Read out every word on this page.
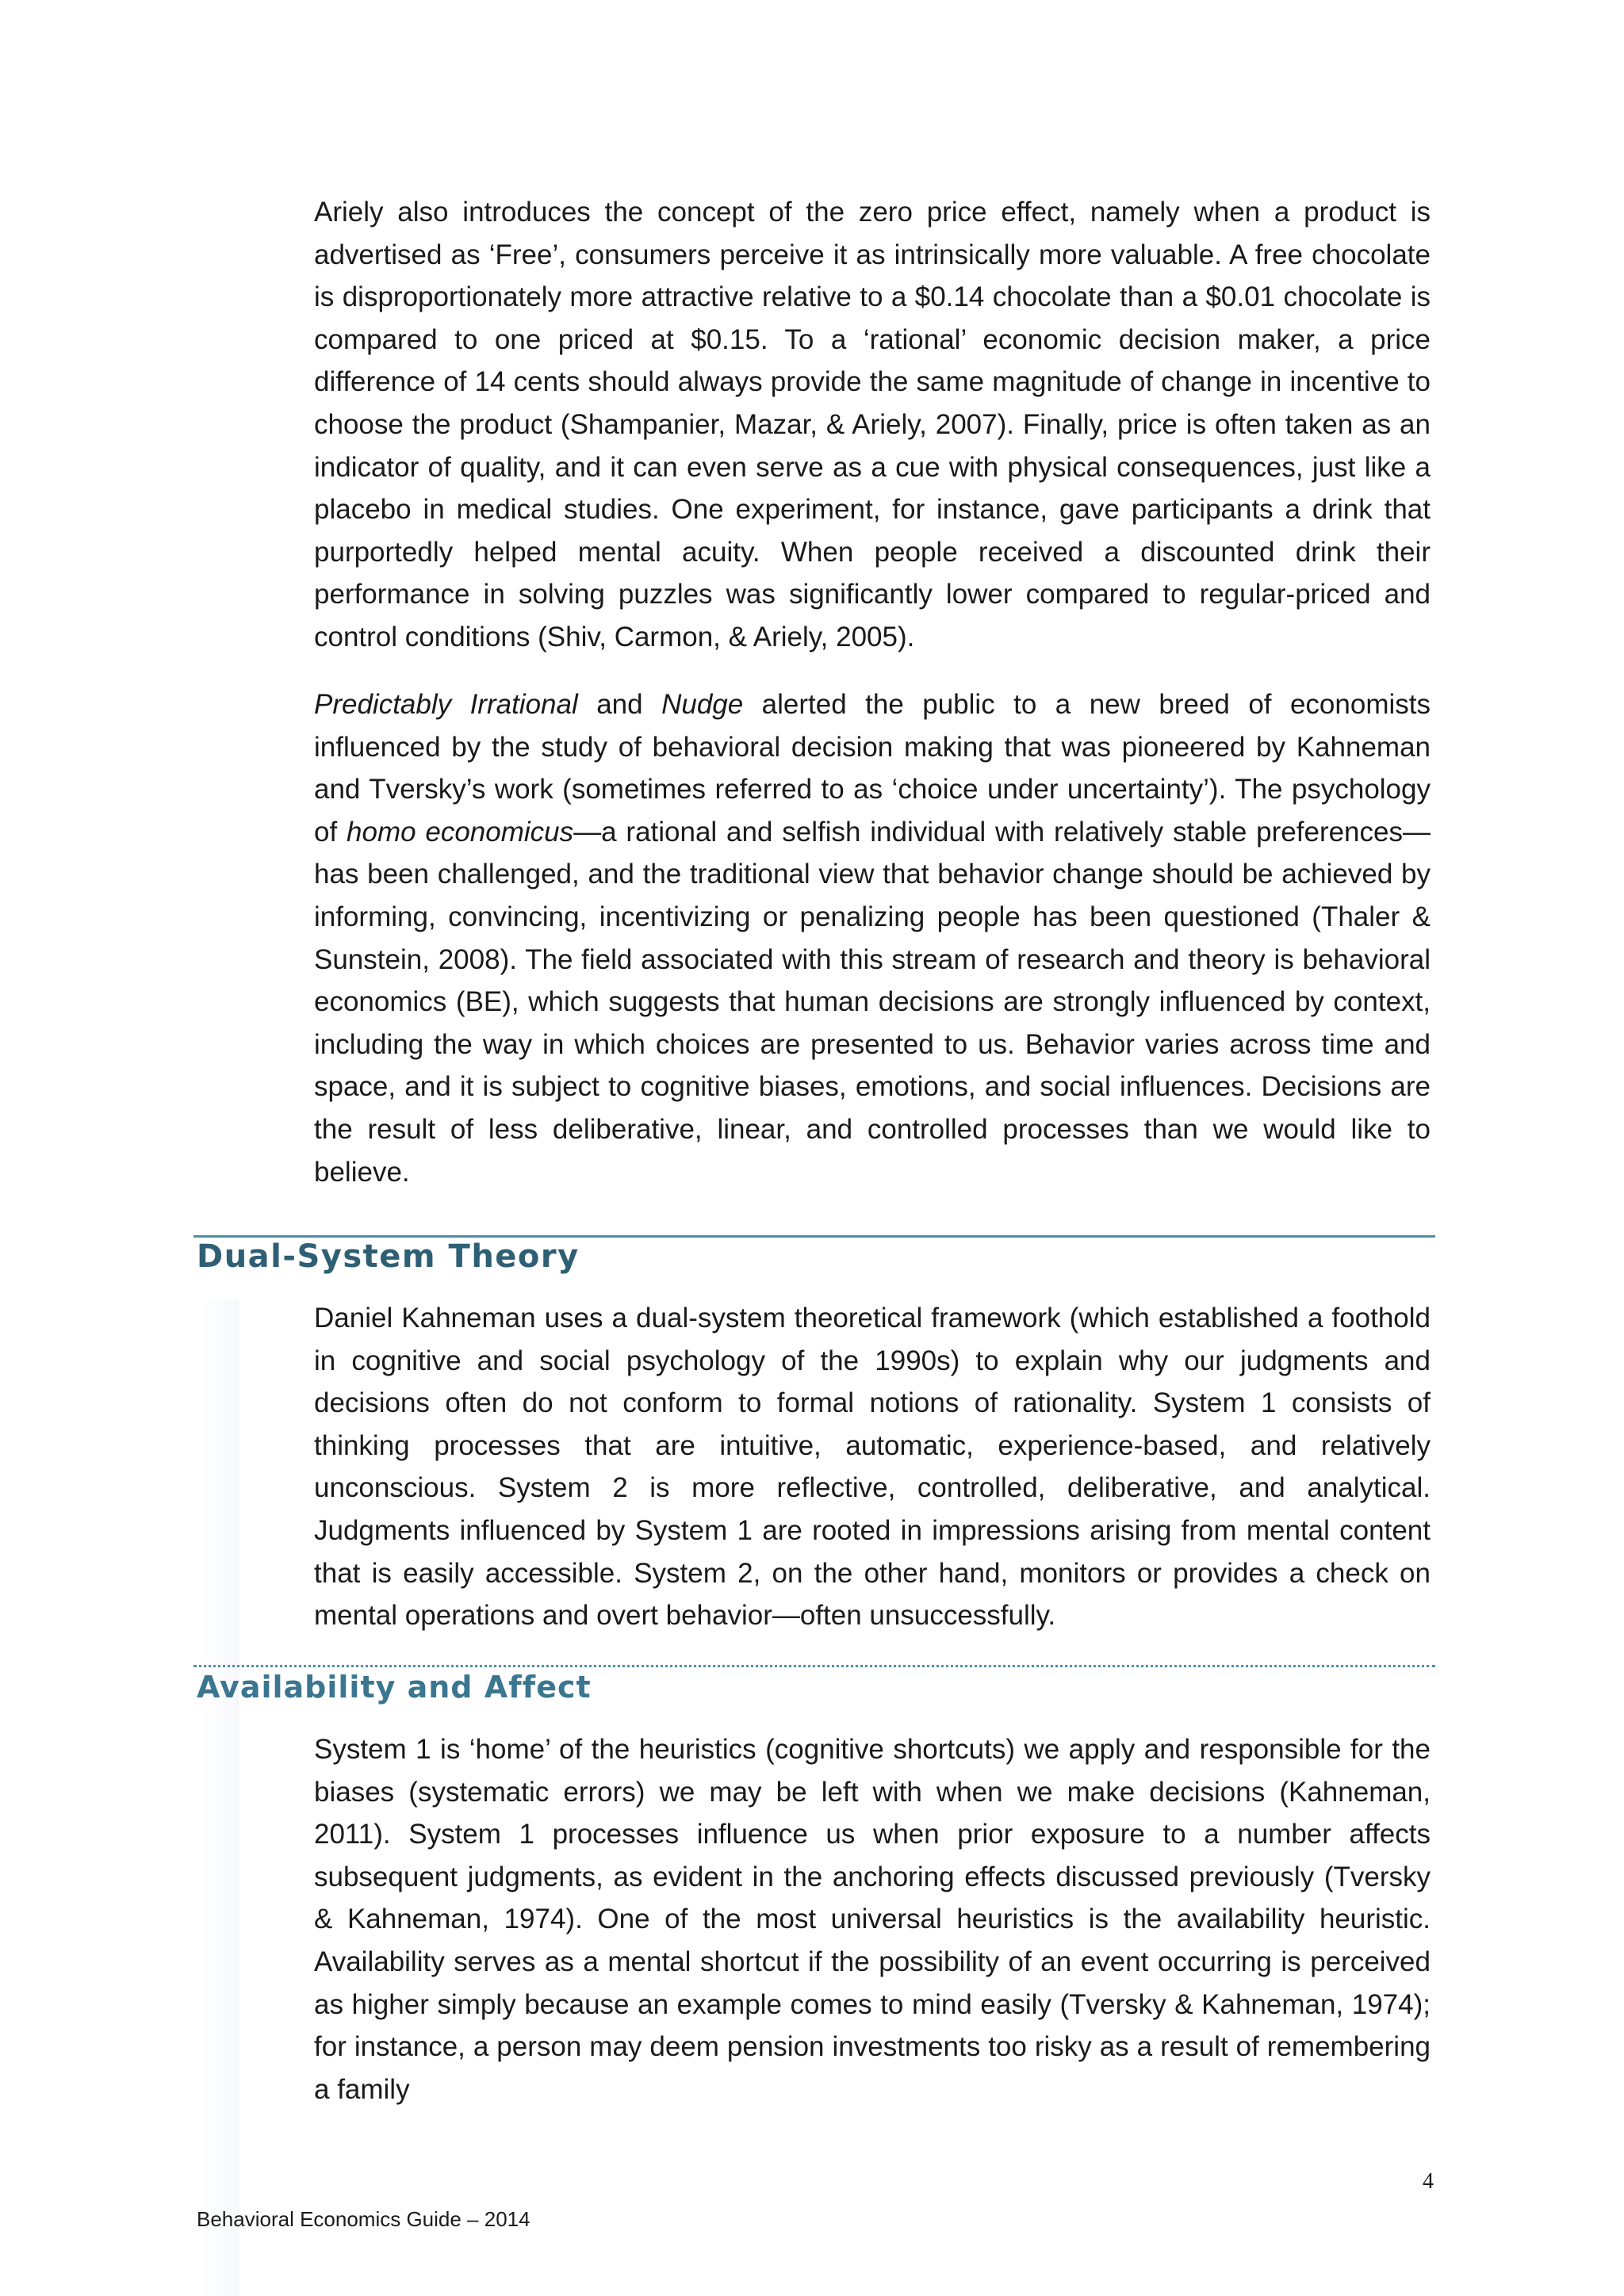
Ariely also introduces the concept of the zero price effect, namely when a product is advertised as ‘Free’, consumers perceive it as intrinsically more valuable. A free chocolate is disproportionately more attractive relative to a $0.14 chocolate than a $0.01 chocolate is compared to one priced at $0.15. To a ‘rational’ economic decision maker, a price difference of 14 cents should always provide the same magnitude of change in incentive to choose the product (Shampanier, Mazar, & Ariely, 2007). Finally, price is often taken as an indicator of quality, and it can even serve as a cue with physical consequences, just like a placebo in medical studies. One experiment, for instance, gave participants a drink that purportedly helped mental acuity. When people received a discounted drink their performance in solving puzzles was significantly lower compared to regular-priced and control conditions (Shiv, Carmon, & Ariely, 2005).

Predictably Irrational and Nudge alerted the public to a new breed of economists influenced by the study of behavioral decision making that was pioneered by Kahneman and Tversky’s work (sometimes referred to as ‘choice under uncertainty’). The psychology of homo economicus—a rational and selfish individual with relatively stable preferences—has been challenged, and the traditional view that behavior change should be achieved by informing, convincing, incentivizing or penalizing people has been questioned (Thaler & Sunstein, 2008). The field associated with this stream of research and theory is behavioral economics (BE), which suggests that human decisions are strongly influenced by context, including the way in which choices are presented to us. Behavior varies across time and space, and it is subject to cognitive biases, emotions, and social influences. Decisions are the result of less deliberative, linear, and controlled processes than we would like to believe.

Dual-System Theory

Daniel Kahneman uses a dual-system theoretical framework (which established a foothold in cognitive and social psychology of the 1990s) to explain why our judgments and decisions often do not conform to formal notions of rationality. System 1 consists of thinking processes that are intuitive, automatic, experience-based, and relatively unconscious. System 2 is more reflective, controlled, deliberative, and analytical. Judgments influenced by System 1 are rooted in impressions arising from mental content that is easily accessible. System 2, on the other hand, monitors or provides a check on mental operations and overt behavior—often unsuccessfully.

Availability and Affect

System 1 is ‘home’ of the heuristics (cognitive shortcuts) we apply and responsible for the biases (systematic errors) we may be left with when we make decisions (Kahneman, 2011). System 1 processes influence us when prior exposure to a number affects subsequent judgments, as evident in the anchoring effects discussed previously (Tversky & Kahneman, 1974). One of the most universal heuristics is the availability heuristic. Availability serves as a mental shortcut if the possibility of an event occurring is perceived as higher simply because an example comes to mind easily (Tversky & Kahneman, 1974); for instance, a person may deem pension investments too risky as a result of remembering a family

4
Behavioral Economics Guide – 2014
